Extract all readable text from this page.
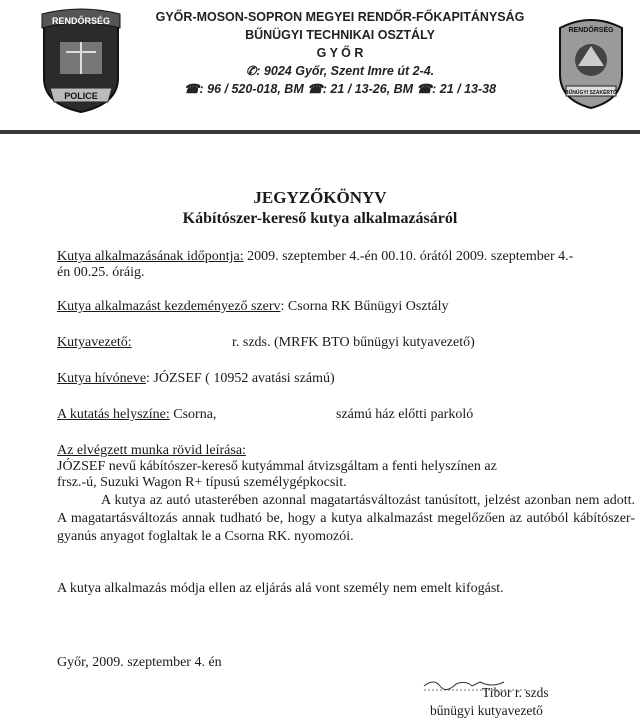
RENDŐRSÉG
POLICE
GYŐR-MOSON-SOPRON MEGYEI RENDŐR-FŐKAPITÁNYSÁG
BŰNÜGYI TECHNIKAI OSZTÁLY
G Y Ő R
✆: 9024 Győr, Szent Imre út 2-4.
☎: 96 / 520-018, BM ☎: 21 / 13-26, BM ☎: 21 / 13-38
RENDŐRSÉG
BŰNÜGYI SZAKÉRTŐ
JEGYZŐKÖNYV
Kábítószer-kereső kutya alkalmazásáról
Kutya alkalmazásának időpontja: 2009. szeptember 4.-én 00.10. órától 2009. szeptember 4.-
én 00.25. óráig.
Kutya alkalmazást kezdeményező szerv: Csorna RK Bűnügyi Osztály
Kutyavezető:	r. szds. (MRFK BTO bűnügyi kutyavezető)
Kutya hívóneve: JÓZSEF ( 10952 avatási számú)
A kutatás helyszíne: Csorna,	számú ház előtti parkoló
Az elvégzett munka rövid leírása:
JÓZSEF nevű kábítószer-kereső kutyámmal átvizsgáltam a fenti helyszínen az
frsz.-ú, Suzuki Wagon R+ típusú személygépkocsit.
A kutya az autó utasterében azonnal magatartásváltozást tanúsított, jelzést azonban nem adott. A magatartásváltozás annak tudható be, hogy a kutya alkalmazást megelőzően az autóból kábítószer-gyanús anyagot foglaltak le a Csorna RK. nyomozói.
A kutya alkalmazás módja ellen az eljárás alá vont személy nem emelt kifogást.
Győr, 2009. szeptember 4. én
Tibor r. szds
bűnügyi kutyavezető
